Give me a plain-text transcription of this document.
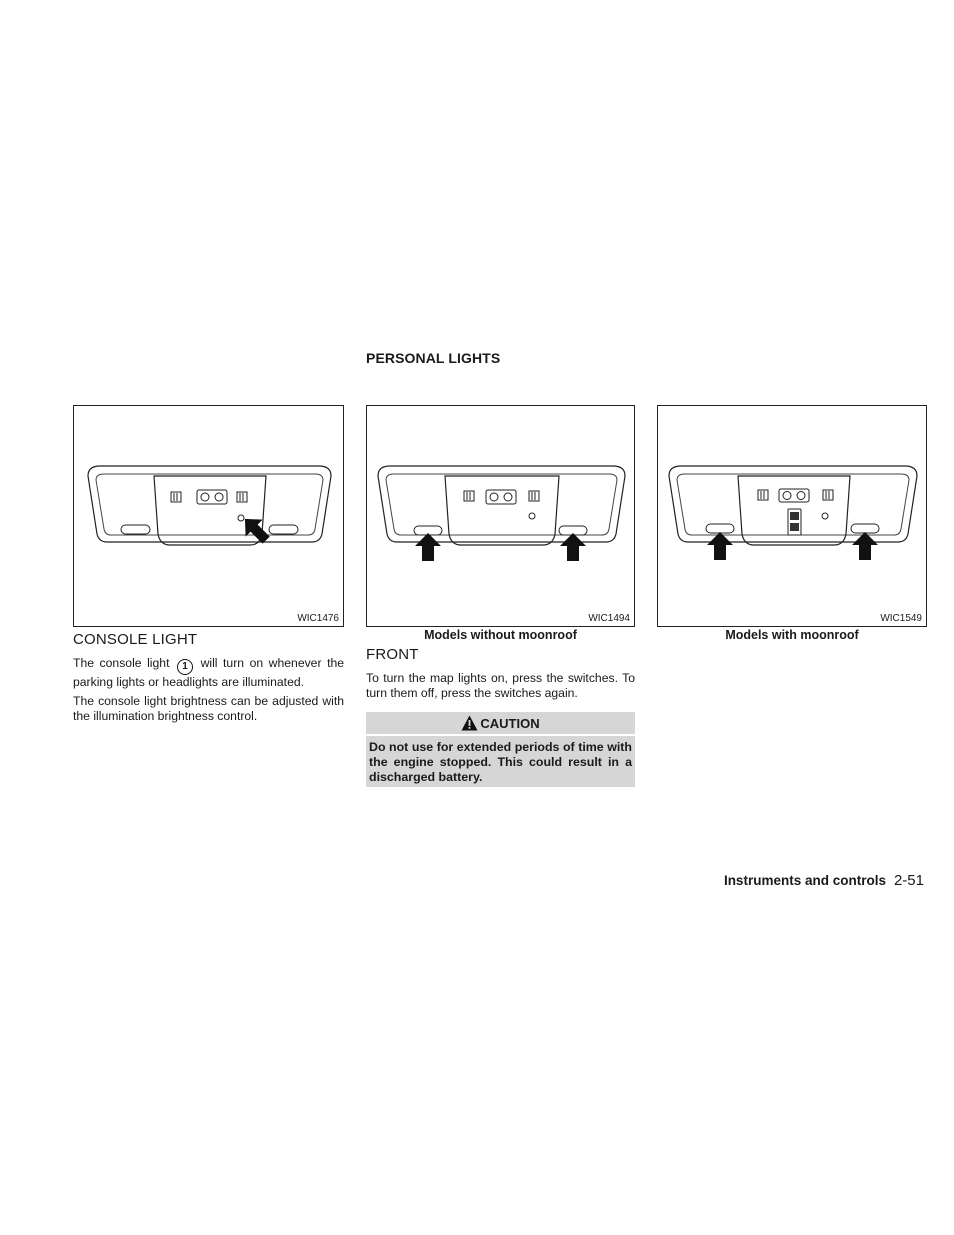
PERSONAL LIGHTS
WIC1476	WIC1494	WIC1549
Models without moonroof	Models with moonroof
CONSOLE LIGHT
The console light 1 will turn on whenever the parking lights or headlights are illuminated.
The console light brightness can be adjusted with the illumination brightness control.
FRONT
To turn the map lights on, press the switches. To turn them off, press the switches again.
CAUTION
Do not use for extended periods of time with the engine stopped. This could result in a discharged battery.
Instruments and controls 2-51
